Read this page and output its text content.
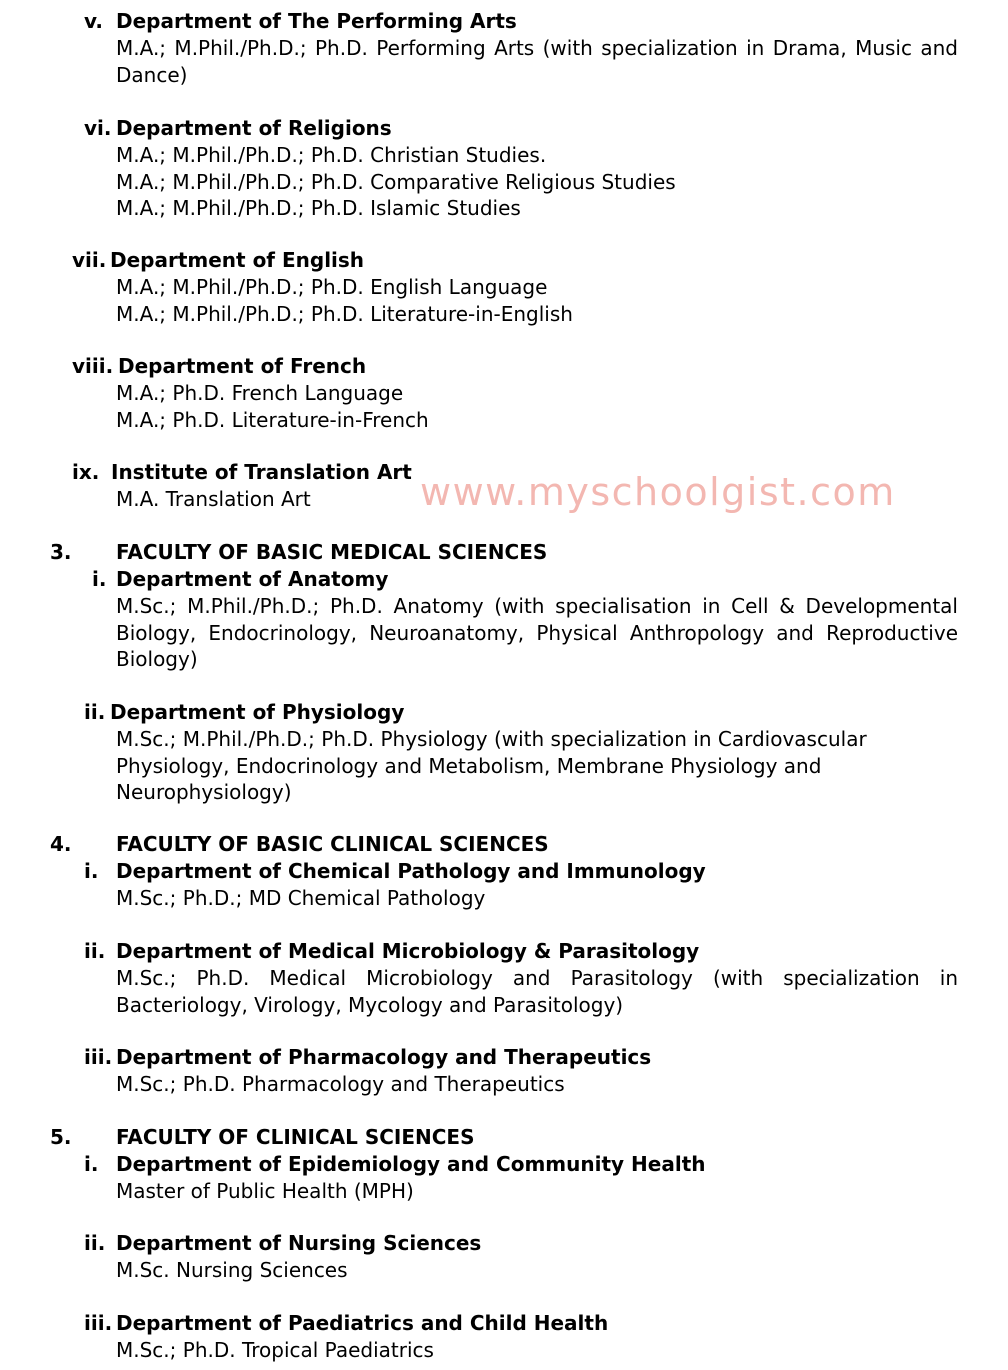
v. Department of The Performing Arts
M.A.; M.Phil./Ph.D.; Ph.D. Performing Arts (with specialization in Drama, Music and Dance)
vi. Department of Religions
M.A.; M.Phil./Ph.D.; Ph.D. Christian Studies.
M.A.; M.Phil./Ph.D.; Ph.D. Comparative Religious Studies
M.A.; M.Phil./Ph.D.; Ph.D. Islamic Studies
vii. Department of English
M.A.; M.Phil./Ph.D.; Ph.D. English Language
M.A.; M.Phil./Ph.D.; Ph.D. Literature-in-English
viii. Department of French
M.A.; Ph.D. French Language
M.A.; Ph.D. Literature-in-French
ix. Institute of Translation Art
M.A. Translation Art	www.myschoolgist.com
3. FACULTY OF BASIC MEDICAL SCIENCES
i. Department of Anatomy
M.Sc.; M.Phil./Ph.D.; Ph.D. Anatomy (with specialisation in Cell & Developmental Biology, Endocrinology, Neuroanatomy, Physical Anthropology and Reproductive Biology)
ii. Department of Physiology
M.Sc.; M.Phil./Ph.D.; Ph.D. Physiology (with specialization in Cardiovascular Physiology, Endocrinology and Metabolism, Membrane Physiology and Neurophysiology)
4. FACULTY OF BASIC CLINICAL SCIENCES
i. Department of Chemical Pathology and Immunology
M.Sc.; Ph.D.; MD Chemical Pathology
ii. Department of Medical Microbiology & Parasitology
M.Sc.; Ph.D. Medical Microbiology and Parasitology (with specialization in Bacteriology, Virology, Mycology and Parasitology)
iii. Department of Pharmacology and Therapeutics
M.Sc.; Ph.D. Pharmacology and Therapeutics
5. FACULTY OF CLINICAL SCIENCES
i. Department of Epidemiology and Community Health
Master of Public Health (MPH)
ii. Department of Nursing Sciences
M.Sc. Nursing Sciences
iii. Department of Paediatrics and Child Health
M.Sc.; Ph.D. Tropical Paediatrics
